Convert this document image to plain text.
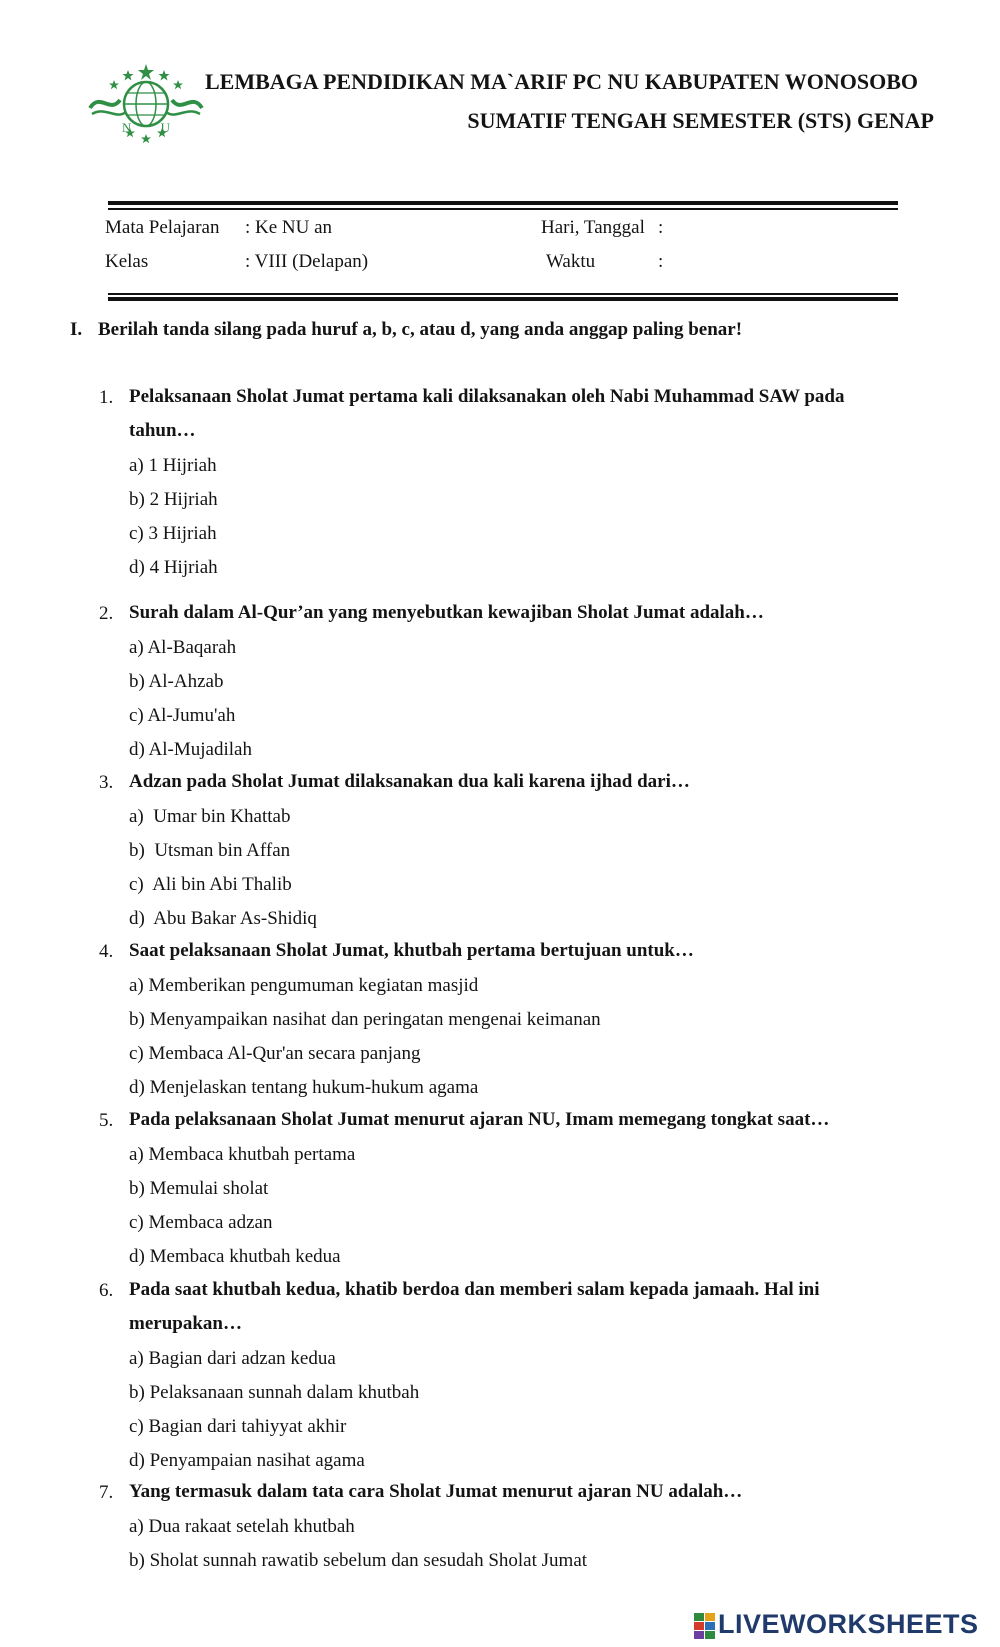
N U
LEMBAGA PENDIDIKAN MA`ARIF PC NU KABUPATEN WONOSOBO
SUMATIF TENGAH SEMESTER (STS) GENAP
Mata Pelajaran : Ke NU an	Hari, Tanggal :
Kelas	: VIII (Delapan)	Waktu	:
I. Berilah tanda silang pada huruf a, b, c, atau d, yang anda anggap paling benar!
1. Pelaksanaan Sholat Jumat pertama kali dilaksanakan oleh Nabi Muhammad SAW pada tahun…
a) 1 Hijriah
b) 2 Hijriah
c) 3 Hijriah
d) 4 Hijriah
2. Surah dalam Al-Qur’an yang menyebutkan kewajiban Sholat Jumat adalah…
a) Al-Baqarah
b) Al-Ahzab
c) Al-Jumu'ah
d) Al-Mujadilah
3. Adzan pada Sholat Jumat dilaksanakan dua kali karena ijhad dari…
a)  Umar bin Khattab
b)  Utsman bin Affan
c)  Ali bin Abi Thalib
d)  Abu Bakar As-Shidiq
4. Saat pelaksanaan Sholat Jumat, khutbah pertama bertujuan untuk…
a) Memberikan pengumuman kegiatan masjid
b) Menyampaikan nasihat dan peringatan mengenai keimanan
c) Membaca Al-Qur'an secara panjang
d) Menjelaskan tentang hukum-hukum agama
5. Pada pelaksanaan Sholat Jumat menurut ajaran NU, Imam memegang tongkat saat…
a) Membaca khutbah pertama
b) Memulai sholat
c) Membaca adzan
d) Membaca khutbah kedua
6. Pada saat khutbah kedua, khatib berdoa dan memberi salam kepada jamaah. Hal ini merupakan…
a) Bagian dari adzan kedua
b) Pelaksanaan sunnah dalam khutbah
c) Bagian dari tahiyyat akhir
d) Penyampaian nasihat agama
7. Yang termasuk dalam tata cara Sholat Jumat menurut ajaran NU adalah…
a) Dua rakaat setelah khutbah
b) Sholat sunnah rawatib sebelum dan sesudah Sholat Jumat
LIVEWORKSHEETS
